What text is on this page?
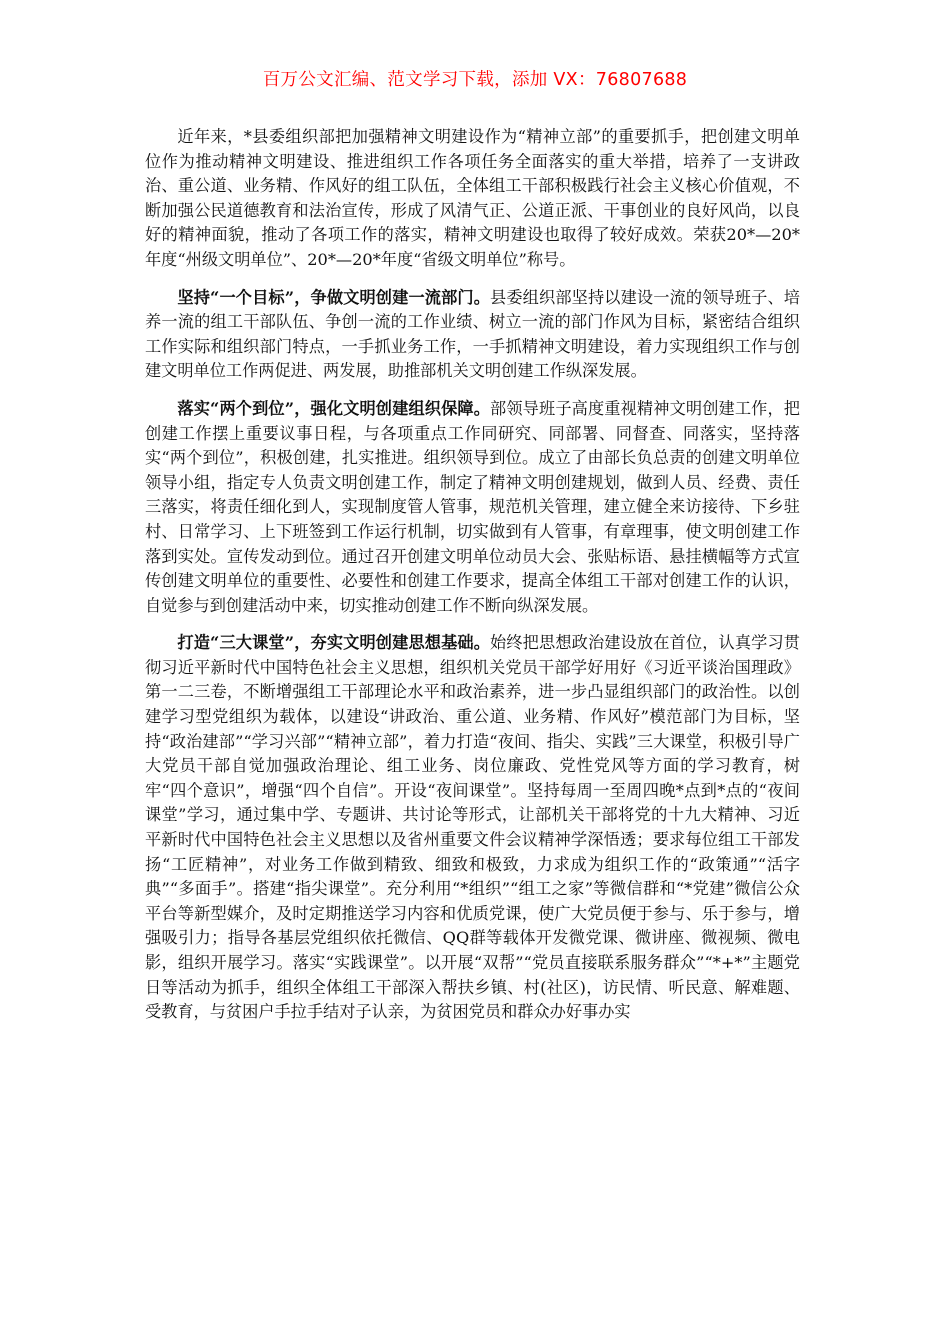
百万公文汇编、范文学习下载，添加 VX：76807688

近年来，*县委组织部把加强精神文明建设作为“精神立部”的重要抓手，把创建文明单位作为推动精神文明建设、推进组织工作各项任务全面落实的重大举措，培养了一支讲政治、重公道、业务精、作风好的组工队伍，全体组工干部积极践行社会主义核心价值观，不断加强公民道德教育和法治宣传，形成了风清气正、公道正派、干事创业的良好风尚，以良好的精神面貌，推动了各项工作的落实，精神文明建设也取得了较好成效。荣获20*—20*年度“州级文明单位”、20*—20*年度“省级文明单位”称号。

坚持“一个目标”，争做文明创建一流部门。县委组织部坚持以建设一流的领导班子、培养一流的组工干部队伍、争创一流的工作业绩、树立一流的部门作风为目标，紧密结合组织工作实际和组织部门特点，一手抓业务工作，一手抓精神文明建设，着力实现组织工作与创建文明单位工作两促进、两发展，助推部机关文明创建工作纵深发展。

落实“两个到位”，强化文明创建组织保障。部领导班子高度重视精神文明创建工作，把创建工作摆上重要议事日程，与各项重点工作同研究、同部署、同督查、同落实，坚持落实“两个到位”，积极创建，扎实推进。组织领导到位。成立了由部长负总责的创建文明单位领导小组，指定专人负责文明创建工作，制定了精神文明创建规划，做到人员、经费、责任三落实，将责任细化到人，实现制度管人管事，规范机关管理，建立健全来访接待、下乡驻村、日常学习、上下班签到工作运行机制，切实做到有人管事，有章理事，使文明创建工作落到实处。宣传发动到位。通过召开创建文明单位动员大会、张贴标语、悬挂横幅等方式宣传创建文明单位的重要性、必要性和创建工作要求，提高全体组工干部对创建工作的认识，自觉参与到创建活动中来，切实推动创建工作不断向纵深发展。

打造“三大课堂”，夯实文明创建思想基础。始终把思想政治建设放在首位，认真学习贯彻习近平新时代中国特色社会主义思想，组织机关党员干部学好用好《习近平谈治国理政》第一二三卷，不断增强组工干部理论水平和政治素养，进一步凸显组织部门的政治性。以创建学习型党组织为载体，以建设“讲政治、重公道、业务精、作风好”模范部门为目标，坚持“政治建部”“学习兴部”“精神立部”，着力打造“夜间、指尖、实践”三大课堂，积极引导广大党员干部自觉加强政治理论、组工业务、岗位廉政、党性党风等方面的学习教育，树牢“四个意识”，增强“四个自信”。开设“夜间课堂”。坚持每周一至周四晚*点到*点的“夜间课堂”学习，通过集中学、专题讲、共讨论等形式，让部机关干部将党的十九大精神、习近平新时代中国特色社会主义思想以及省州重要文件会议精神学深悟透；要求每位组工干部发扬“工匠精神”，对业务工作做到精致、细致和极致，力求成为组织工作的“政策通”“活字典”“多面手”。搭建“指尖课堂”。充分利用“*组织”“组工之家”等微信群和“*党建”微信公众平台等新型媒介，及时定期推送学习内容和优质党课，使广大党员便于参与、乐于参与，增强吸引力；指导各基层党组织依托微信、QQ群等载体开发微党课、微讲座、微视频、微电影，组织开展学习。落实“实践课堂”。以开展“双帮”“党员直接联系服务群众”“*+*”主题党日等活动为抓手，组织全体组工干部深入帮扶乡镇、村(社区)，访民情、听民意、解难题、受教育，与贫困户手拉手结对子认亲，为贫困党员和群众办好事办实
